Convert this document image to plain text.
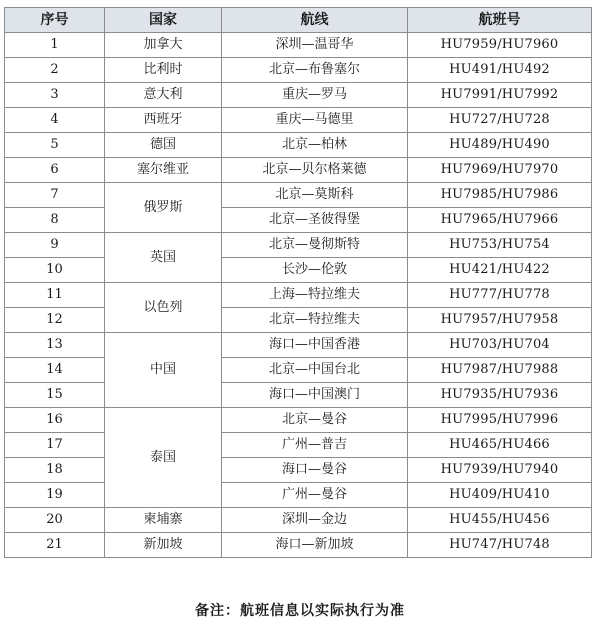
序号	国家	航线	航班号
1	加拿大	深圳—温哥华	HU7959/HU7960
2	比利时	北京—布鲁塞尔	HU491/HU492
3	意大利	重庆—罗马	HU7991/HU7992
4	西班牙	重庆—马德里	HU727/HU728
5	德国	北京—柏林	HU489/HU490
6	塞尔维亚	北京—贝尔格莱德	HU7969/HU7970
7	俄罗斯	北京—莫斯科	HU7985/HU7986
8		北京—圣彼得堡	HU7965/HU7966
9	英国	北京—曼彻斯特	HU753/HU754
10		长沙—伦敦	HU421/HU422
11	以色列	上海—特拉维夫	HU777/HU778
12		北京—特拉维夫	HU7957/HU7958
13	中国	海口—中国香港	HU703/HU704
14		北京—中国台北	HU7987/HU7988
15		海口—中国澳门	HU7935/HU7936
16	泰国	北京—曼谷	HU7995/HU7996
17		广州—普吉	HU465/HU466
18		海口—曼谷	HU7939/HU7940
19		广州—曼谷	HU409/HU410
20	柬埔寨	深圳—金边	HU455/HU456
21	新加坡	海口—新加坡	HU747/HU748
备注：航班信息以实际执行为准
